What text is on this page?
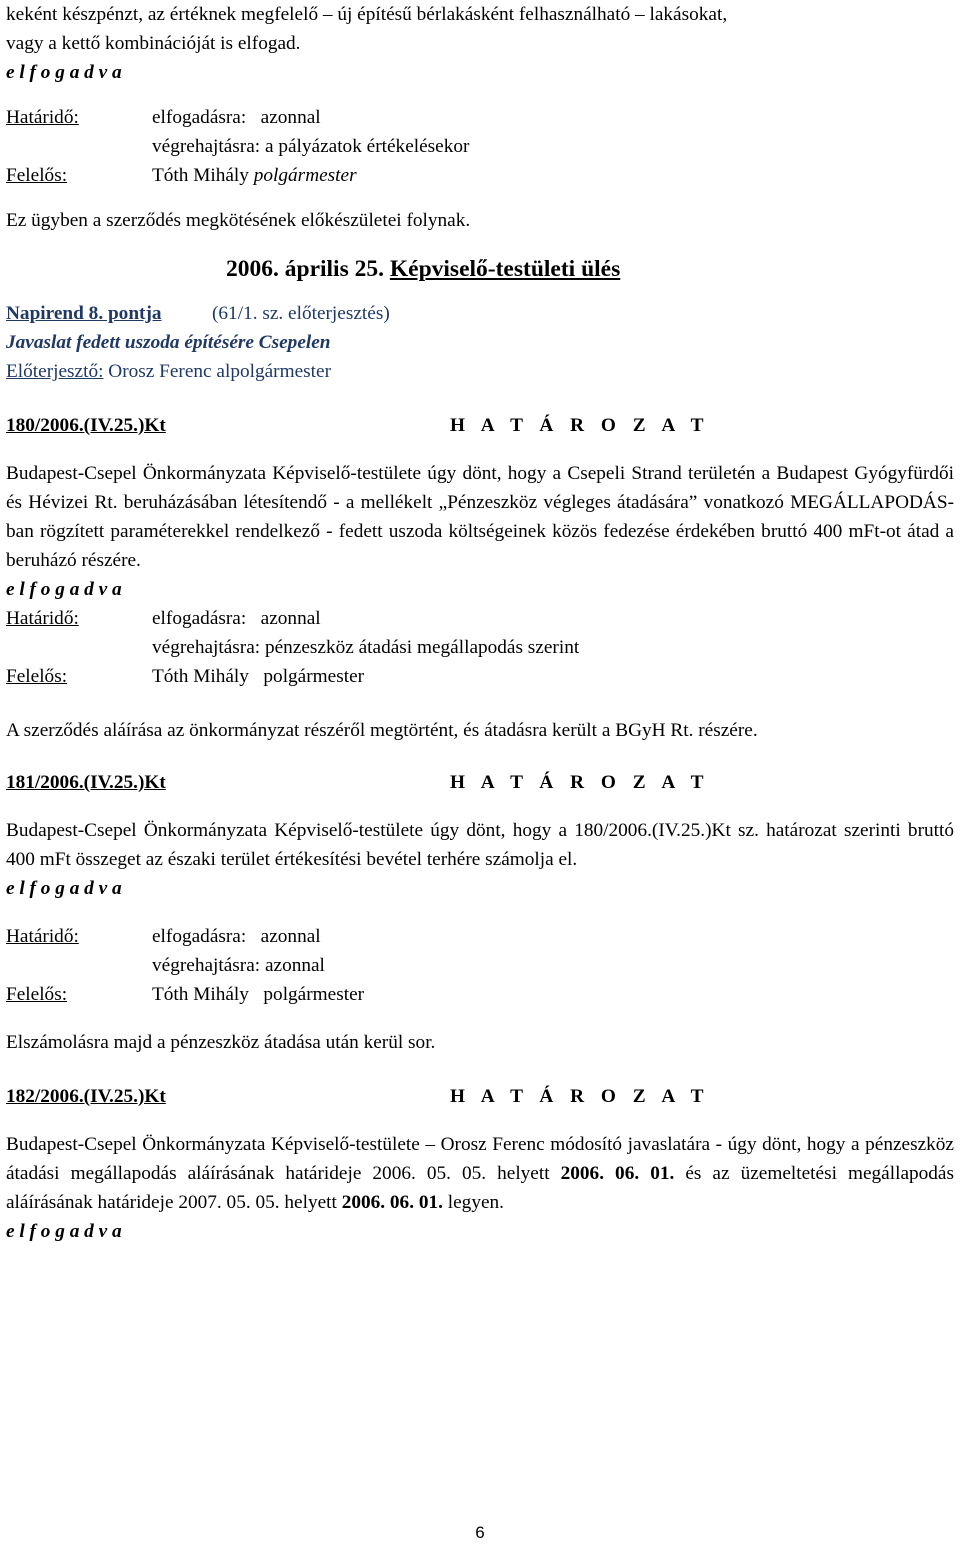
keként készpénzt, az értéknek megfelelő – új építésű bérlakásként felhasználható – lakásokat,
vagy a kettő kombinációját is elfogad.

e l f o g a d v a

Határidő:	elfogadásra:   azonnal
végrehajtásra: a pályázatok értékelésekor
Felelős:	Tóth Mihály polgármester

Ez ügyben a szerződés megkötésének előkészületei folynak.

2006. április 25. Képviselő-testületi ülés

Napirend 8. pontja	(61/1. sz. előterjesztés)

Javaslat fedett uszoda építésére Csepelen

Előterjesztő: Orosz Ferenc alpolgármester

180/2006.(IV.25.)Kt	H A T Á R O Z A T

Budapest-Csepel Önkormányzata Képviselő-testülete úgy dönt, hogy a Csepeli Strand területén a Budapest Gyógyfürdői és Hévizei Rt. beruházásában létesítendő - a mellékelt „Pénzeszköz végleges átadására” vonatkozó MEGÁLLAPODÁS-ban rögzített paraméterekkel rendelkező - fedett uszoda költségeinek közös fedezése érdekében bruttó 400 mFt-ot átad a beruházó részére.

e l f o g a d v a

Határidő:	elfogadásra:   azonnal
végrehajtásra: pénzeszköz átadási megállapodás szerint
Felelős:	Tóth Mihály polgármester

A szerződés aláírása az önkormányzat részéről megtörtént, és átadásra került a BGyH Rt. részére.

181/2006.(IV.25.)Kt	H A T Á R O Z A T

Budapest-Csepel Önkormányzata Képviselő-testülete úgy dönt, hogy a 180/2006.(IV.25.)Kt sz. határozat szerinti bruttó 400 mFt összeget az északi terület értékesítési bevétel terhére számolja el.

e l f o g a d v a

Határidő:	elfogadásra:   azonnal
végrehajtásra: azonnal
Felelős:	Tóth Mihály polgármester

Elszámolásra majd a pénzeszköz átadása után kerül sor.

182/2006.(IV.25.)Kt	H A T Á R O Z A T

Budapest-Csepel Önkormányzata Képviselő-testülete – Orosz Ferenc módosító javaslatára - úgy dönt, hogy a pénzeszköz átadási megállapodás aláírásának határideje 2006. 05. 05. helyett 2006. 06. 01. és az üzemeltetési megállapodás aláírásának határideje 2007. 05. 05. helyett 2006. 06. 01. legyen.

e l f o g a d v a

6
